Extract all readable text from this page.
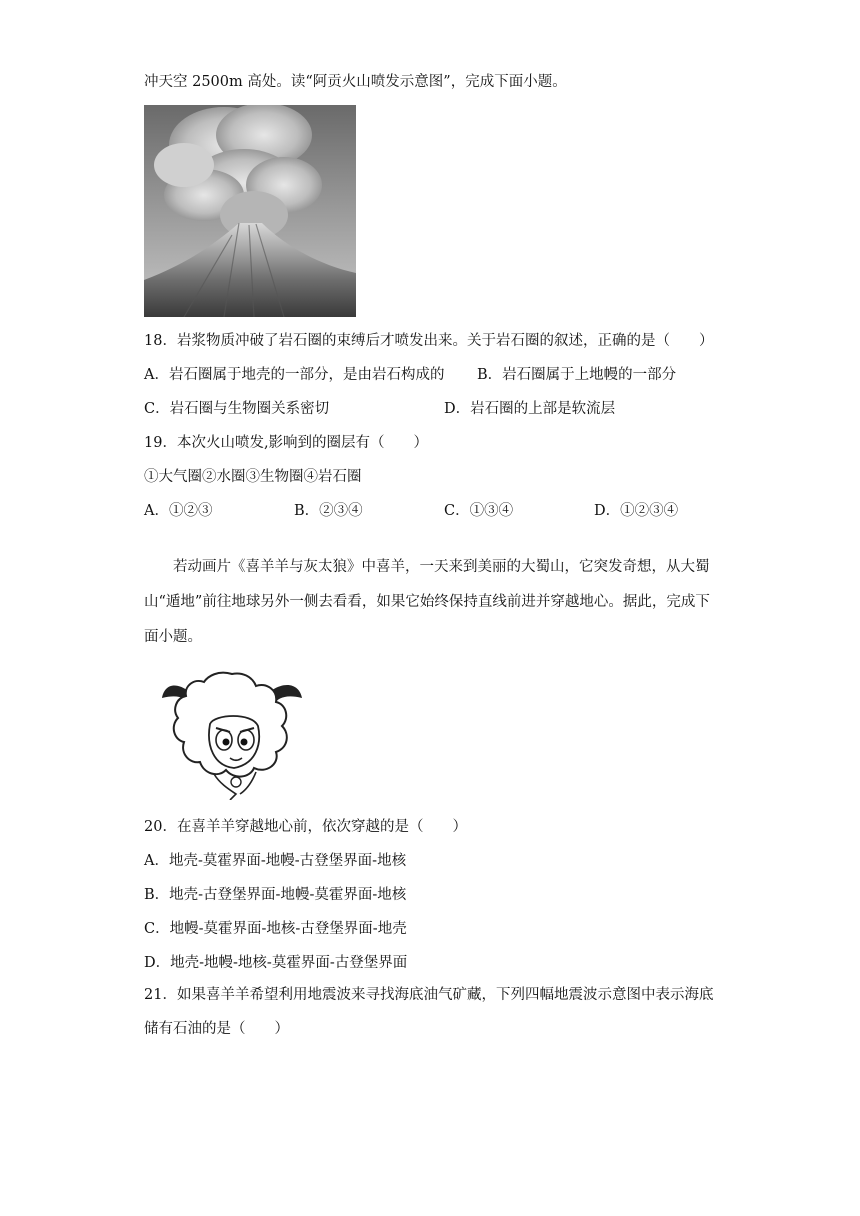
冲天空 2500m 高处。读“阿贡火山喷发示意图”，完成下面小题。
18．岩浆物质冲破了岩石圈的束缚后才喷发出来。关于岩石圈的叙述，正确的是（　　）
A．岩石圈属于地壳的一部分，是由岩石构成的 B．岩石圈属于上地幔的一部分
C．岩石圈与生物圈关系密切	D．岩石圈的上部是软流层
19．本次火山喷发,影响到的圈层有（　　）
①大气圈②水圈③生物圈④岩石圈
A．①②③	B．②③④	C．①③④	D．①②③④
若动画片《喜羊羊与灰太狼》中喜羊，一天来到美丽的大蜀山，它突发奇想，从大蜀山“遁地”前往地球另外一侧去看看，如果它始终保持直线前进并穿越地心。据此，完成下面小题。
20．在喜羊羊穿越地心前，依次穿越的是（　　）
A．地壳-莫霍界面-地幔-古登堡界面-地核
B．地壳-古登堡界面-地幔-莫霍界面-地核
C．地幔-莫霍界面-地核-古登堡界面-地壳
D．地壳-地幔-地核-莫霍界面-古登堡界面
21．如果喜羊羊希望利用地震波来寻找海底油气矿藏，下列四幅地震波示意图中表示海底储有石油的是（　　）
